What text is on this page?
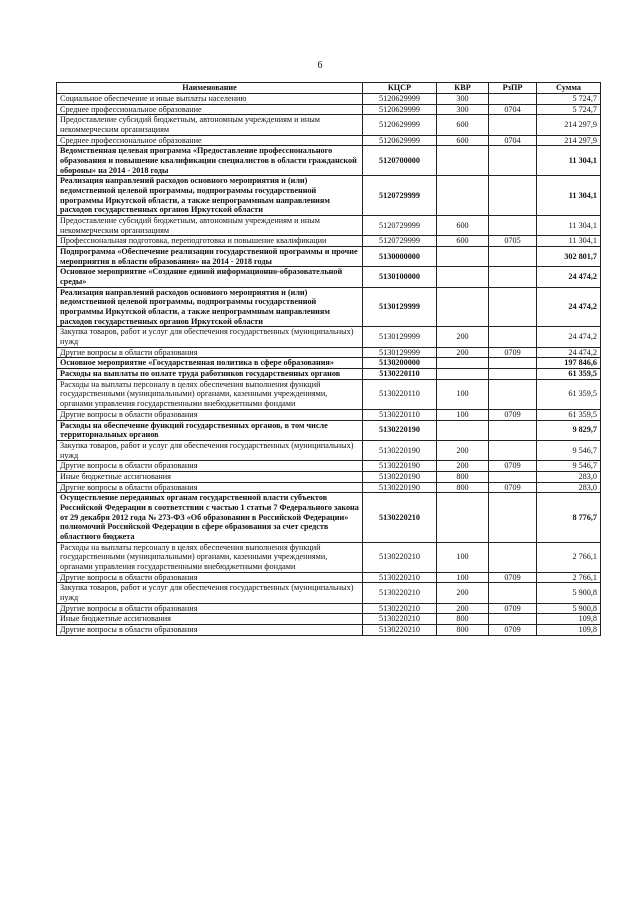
6
Наименование	КЦСР	КВР	РзПР	Сумма
Социальное обеспечение и иные выплаты населению	5120629999	300		5 724,7
Среднее профессиональное образование	5120629999	300	0704	5 724,7
Предоставление субсидий бюджетным, автономным учреждениям и иным некоммерческим организациям	5120629999	600		214 297,9
Среднее профессиональное образование	5120629999	600	0704	214 297,9
Ведомственная целевая программа «Предоставление профессионального образования и повышение квалификации специалистов в области гражданской обороны» на 2014 - 2018 годы	5120700000			11 304,1
Реализация направлений расходов основного мероприятия и (или) ведомственной целевой программы, подпрограммы государственной программы Иркутской области, а также непрограммным направлениям расходов государственных органов Иркутской области	5120729999			11 304,1
Предоставление субсидий бюджетным, автономным учреждениям и иным некоммерческим организациям	5120729999	600		11 304,1
Профессиональная подготовка, переподготовка и повышение квалификации	5120729999	600	0705	11 304,1
Подпрограмма «Обеспечение реализации государственной программы и прочие мероприятия в области образования» на 2014 - 2018 годы	5130000000			302 801,7
Основное мероприятие «Создание единой информационно-образовательной среды»	5130100000			24 474,2
Реализация направлений расходов основного мероприятия и (или) ведомственной целевой программы, подпрограммы государственной программы Иркутской области, а также непрограммным направлениям расходов государственных органов Иркутской области	5130129999			24 474,2
Закупка товаров, работ и услуг для обеспечения государственных (муниципальных) нужд	5130129999	200		24 474,2
Другие вопросы в области образования	5130129999	200	0709	24 474,2
Основное мероприятие «Государственная политика в сфере образования»	5130200000			197 846,6
Расходы на выплаты по оплате труда работников государственных органов	5130220110			61 359,5
Расходы на выплаты персоналу в целях обеспечения выполнения функций государственными (муниципальными) органами, казенными учреждениями, органами управления государственными внебюджетными фондами	5130220110	100		61 359,5
Другие вопросы в области образования	5130220110	100	0709	61 359,5
Расходы на обеспечение функций государственных органов, в том числе территориальных органов	5130220190			9 829,7
Закупка товаров, работ и услуг для обеспечения государственных (муниципальных) нужд	5130220190	200		9 546,7
Другие вопросы в области образования	5130220190	200	0709	9 546,7
Иные бюджетные ассигнования	5130220190	800		283,0
Другие вопросы в области образования	5130220190	800	0709	283,0
Осуществление переданных органам государственной власти субъектов Российской Федерации в соответствии с частью 1 статьи 7 Федерального закона от 29 декабря 2012 года № 273-ФЗ «Об образовании в Российской Федерации» полномочий Российской Федерации в сфере образования за счет средств областного бюджета	5130220210			8 776,7
Расходы на выплаты персоналу в целях обеспечения выполнения функций государственными (муниципальными) органами, казенными учреждениями, органами управления государственными внебюджетными фондами	5130220210	100		2 766,1
Другие вопросы в области образования	5130220210	100	0709	2 766,1
Закупка товаров, работ и услуг для обеспечения государственных (муниципальных) нужд	5130220210	200		5 900,8
Другие вопросы в области образования	5130220210	200	0709	5 900,8
Иные бюджетные ассигнования	5130220210	800		109,8
Другие вопросы в области образования	5130220210	800	0709	109,8
